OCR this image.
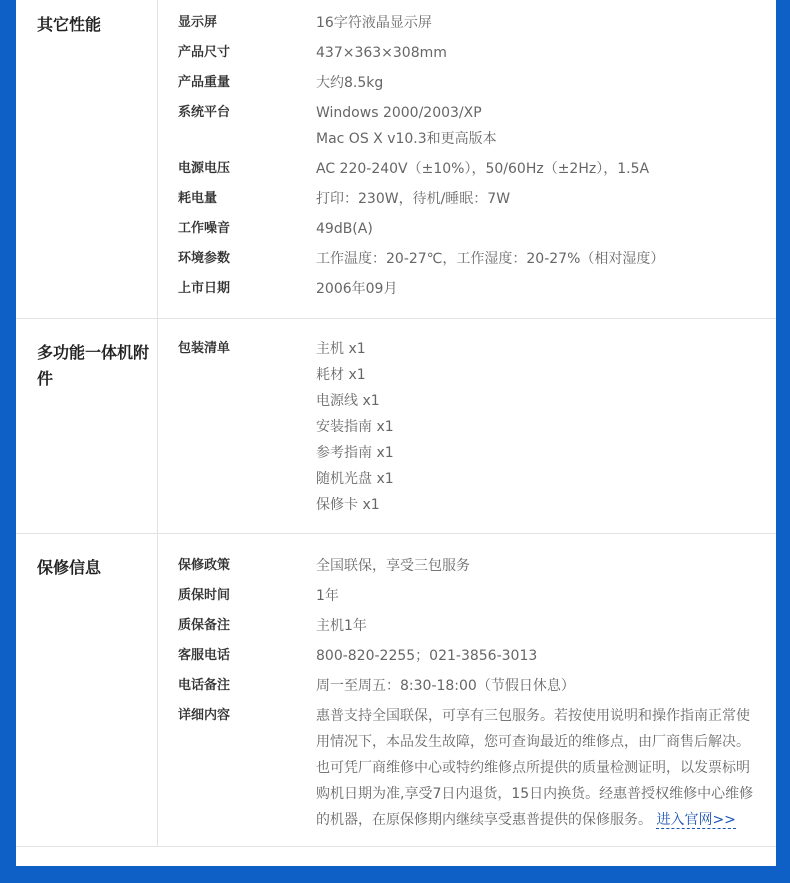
其它性能	显示屏	16字符液晶显示屏
产品尺寸	437×363×308mm
产品重量	大约8.5kg
系统平台	Windows 2000/2003/XP
Mac OS X v10.3和更高版本
电源电压	AC 220-240V（±10%），50/60Hz（±2Hz），1.5A
耗电量	打印：230W，待机/睡眠：7W
工作噪音	49dB(A)
环境参数	工作温度：20-27℃，工作湿度：20-27%（相对湿度）
上市日期	2006年09月
多功能一体机附件
包装清单	主机 x1
耗材 x1
电源线 x1
安装指南 x1
参考指南 x1
随机光盘 x1
保修卡 x1
保修信息	保修政策	全国联保，享受三包服务
质保时间	1年
质保备注	主机1年
客服电话	800-820-2255；021-3856-3013
电话备注	周一至周五：8:30-18:00（节假日休息）
详细内容	惠普支持全国联保，可享有三包服务。若按使用说明和操作指南正常使用情况下，本品发生故障，您可查询最近的维修点，由厂商售后解决。也可凭厂商维修中心或特约维修点所提供的质量检测证明，以发票标明购机日期为准,享受7日内退货，15日内换货。经惠普授权维修中心维修的机器，在原保修期内继续享受惠普提供的保修服务。 进入官网>>
